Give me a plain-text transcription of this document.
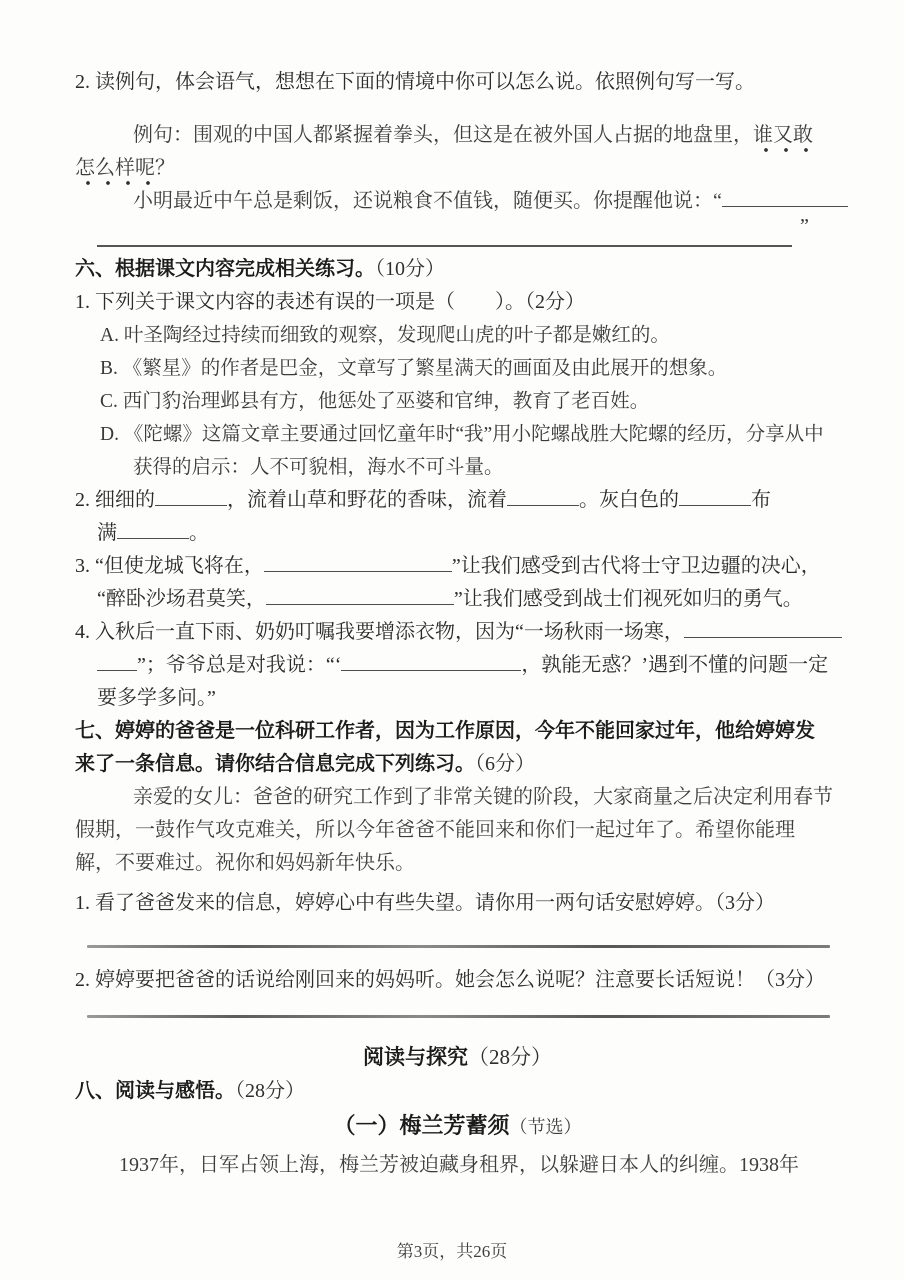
2. 读例句，体会语气，想想在下面的情境中你可以怎么说。依照例句写一写。
例句：围观的中国人都紧握着拳头，但这是在被外国人占据的地盘里，谁又敢
怎么样呢？
小明最近中午总是剩饭，还说粮食不值钱，随便买。你提醒他说：“
”
六、根据课文内容完成相关练习。（10分）
1. 下列关于课文内容的表述有误的一项是（　　）。（2分）
A. 叶圣陶经过持续而细致的观察，发现爬山虎的叶子都是嫩红的。
B. 《繁星》的作者是巴金，文章写了繁星满天的画面及由此展开的想象。
C. 西门豹治理邺县有方，他惩处了巫婆和官绅，教育了老百姓。
D. 《陀螺》这篇文章主要通过回忆童年时“我”用小陀螺战胜大陀螺的经历，分享从中获得的启示：人不可貌相，海水不可斗量。
2. 细细的	，流着山草和野花的香味，流着	。灰白色的	布
满	。
3. “但使龙城飞将在，	”让我们感受到古代将士守卫边疆的决心，
“醉卧沙场君莫笑，	”让我们感受到战士们视死如归的勇气。
4. 入秋后一直下雨、奶奶叮嘱我要增添衣物，因为“一场秋雨一场寒，
”；爷爷总是对我说：“‘	，孰能无惑？’遇到不懂的问题一定
要多学多问。”
七、婷婷的爸爸是一位科研工作者，因为工作原因，今年不能回家过年，他给婷婷发
来了一条信息。请你结合信息完成下列练习。（6分）
亲爱的女儿：爸爸的研究工作到了非常关键的阶段，大家商量之后决定利用春节
假期，一鼓作气攻克难关，所以今年爸爸不能回来和你们一起过年了。希望你能理
解，不要难过。祝你和妈妈新年快乐。
1. 看了爸爸发来的信息，婷婷心中有些失望。请你用一两句话安慰婷婷。（3分）
2. 婷婷要把爸爸的话说给刚回来的妈妈听。她会怎么说呢？注意要长话短说！（3分）
阅读与探究（28分）
八、阅读与感悟。（28分）
（一）梅兰芳蓄须（节选）
1937年，日军占领上海，梅兰芳被迫藏身租界，以躲避日本人的纠缠。1938年
第3页，共26页
